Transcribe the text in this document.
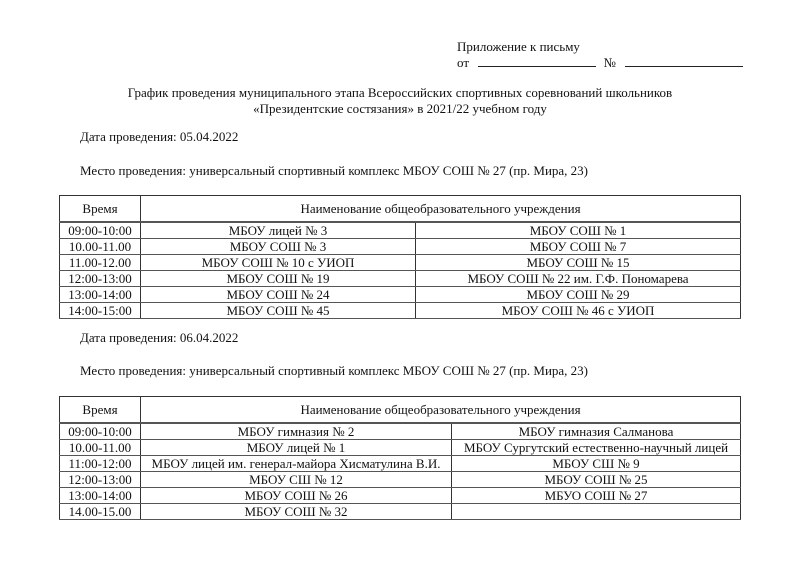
Приложение к письму
от	№
График проведения муниципального этапа Всероссийских спортивных соревнований школьников
«Президентские состязания» в 2021/22 учебном году
Дата проведения: 05.04.2022
Место проведения: универсальный спортивный комплекс МБОУ СОШ № 27 (пр. Мира, 23)
Время	Наименование общеобразовательного учреждения	
09:00-10:00	МБОУ лицей № 3	МБОУ СОШ № 1
10.00-11.00	МБОУ СОШ № 3	МБОУ СОШ № 7
11.00-12.00	МБОУ СОШ № 10 с УИОП	МБОУ СОШ № 15
12:00-13:00	МБОУ СОШ № 19	МБОУ СОШ № 22 им. Г.Ф. Пономарева
13:00-14:00	МБОУ СОШ № 24	МБОУ СОШ № 29
14:00-15:00	МБОУ СОШ № 45	МБОУ СОШ № 46 с УИОП
Дата проведения: 06.04.2022
Место проведения: универсальный спортивный комплекс МБОУ СОШ № 27 (пр. Мира, 23)
Время	Наименование общеобразовательного учреждения	
09:00-10:00	МБОУ гимназия № 2	МБОУ гимназия Салманова
10.00-11.00	МБОУ лицей № 1	МБОУ Сургутский естественно-научный лицей
11:00-12:00	МБОУ лицей им. генерал-майора Хисматулина В.И.	МБОУ СШ № 9
12:00-13:00	МБОУ СШ № 12	МБОУ СОШ № 25
13:00-14:00	МБОУ СОШ № 26	МБУО СОШ № 27
14.00-15.00	МБОУ СОШ № 32	
